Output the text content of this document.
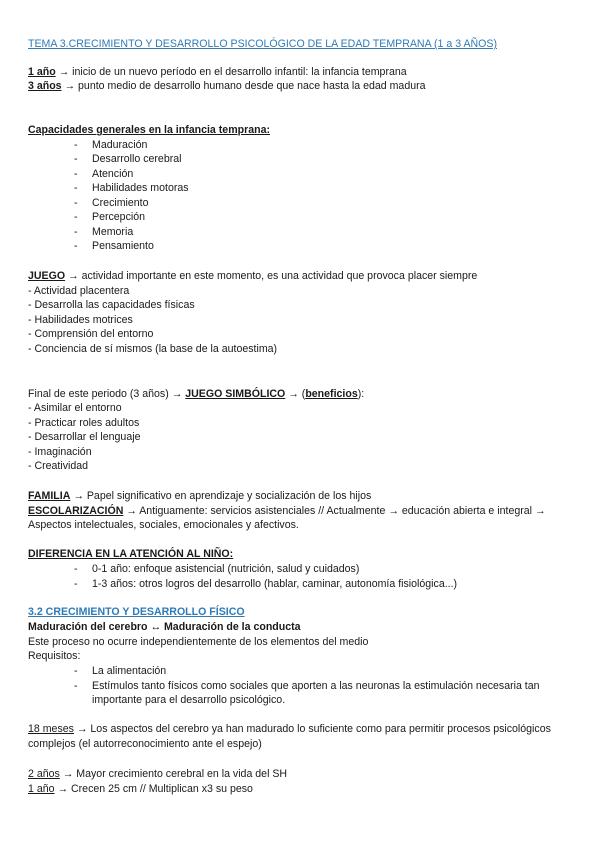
TEMA 3.CRECIMIENTO Y DESARROLLO PSICOLÓGICO DE LA EDAD TEMPRANA (1 a 3 AÑOS)
1 año → inicio de un nuevo período en el desarrollo infantil: la infancia temprana
3 años → punto medio de desarrollo humano desde que nace hasta la edad madura
Capacidades generales en la infancia temprana:
- Maduración
- Desarrollo cerebral
- Atención
- Habilidades motoras
- Crecimiento
- Percepción
- Memoria
- Pensamiento
JUEGO → actividad importante en este momento, es una actividad que provoca placer siempre
- Actividad placentera
- Desarrolla las capacidades físicas
- Habilidades motrices
- Comprensión del entorno
- Conciencia de sí mismos (la base de la autoestima)
Final de este periodo (3 años) → JUEGO SIMBÓLICO → (beneficios):
- Asimilar el entorno
- Practicar roles adultos
- Desarrollar el lenguaje
- Imaginación
- Creatividad
FAMILIA → Papel significativo en aprendizaje y socialización de los hijos
ESCOLARIZACIÓN → Antiguamente: servicios asistenciales // Actualmente → educación abierta e integral →
Aspectos intelectuales, sociales, emocionales y afectivos.
DIFERENCIA EN LA ATENCIÓN AL NIÑO:
- 0-1 año: enfoque asistencial (nutrición, salud y cuidados)
- 1-3 años: otros logros del desarrollo (hablar, caminar, autonomía fisiológica...)
3.2 CRECIMIENTO Y DESARROLLO FÍSICO
Maduración del cerebro ↔ Maduración de la conducta
Este proceso no ocurre independientemente de los elementos del medio
Requisitos:
- La alimentación
- Estímulos tanto físicos como sociales que aporten a las neuronas la estimulación necesaria tan
importante para el desarrollo psicológico.
18 meses → Los aspectos del cerebro ya han madurado lo suficiente como para permitir procesos psicológicos
complejos (el autorreconocimiento ante el espejo)
2 años → Mayor crecimiento cerebral en la vida del SH
1 año → Crecen 25 cm // Multiplican x3 su peso
